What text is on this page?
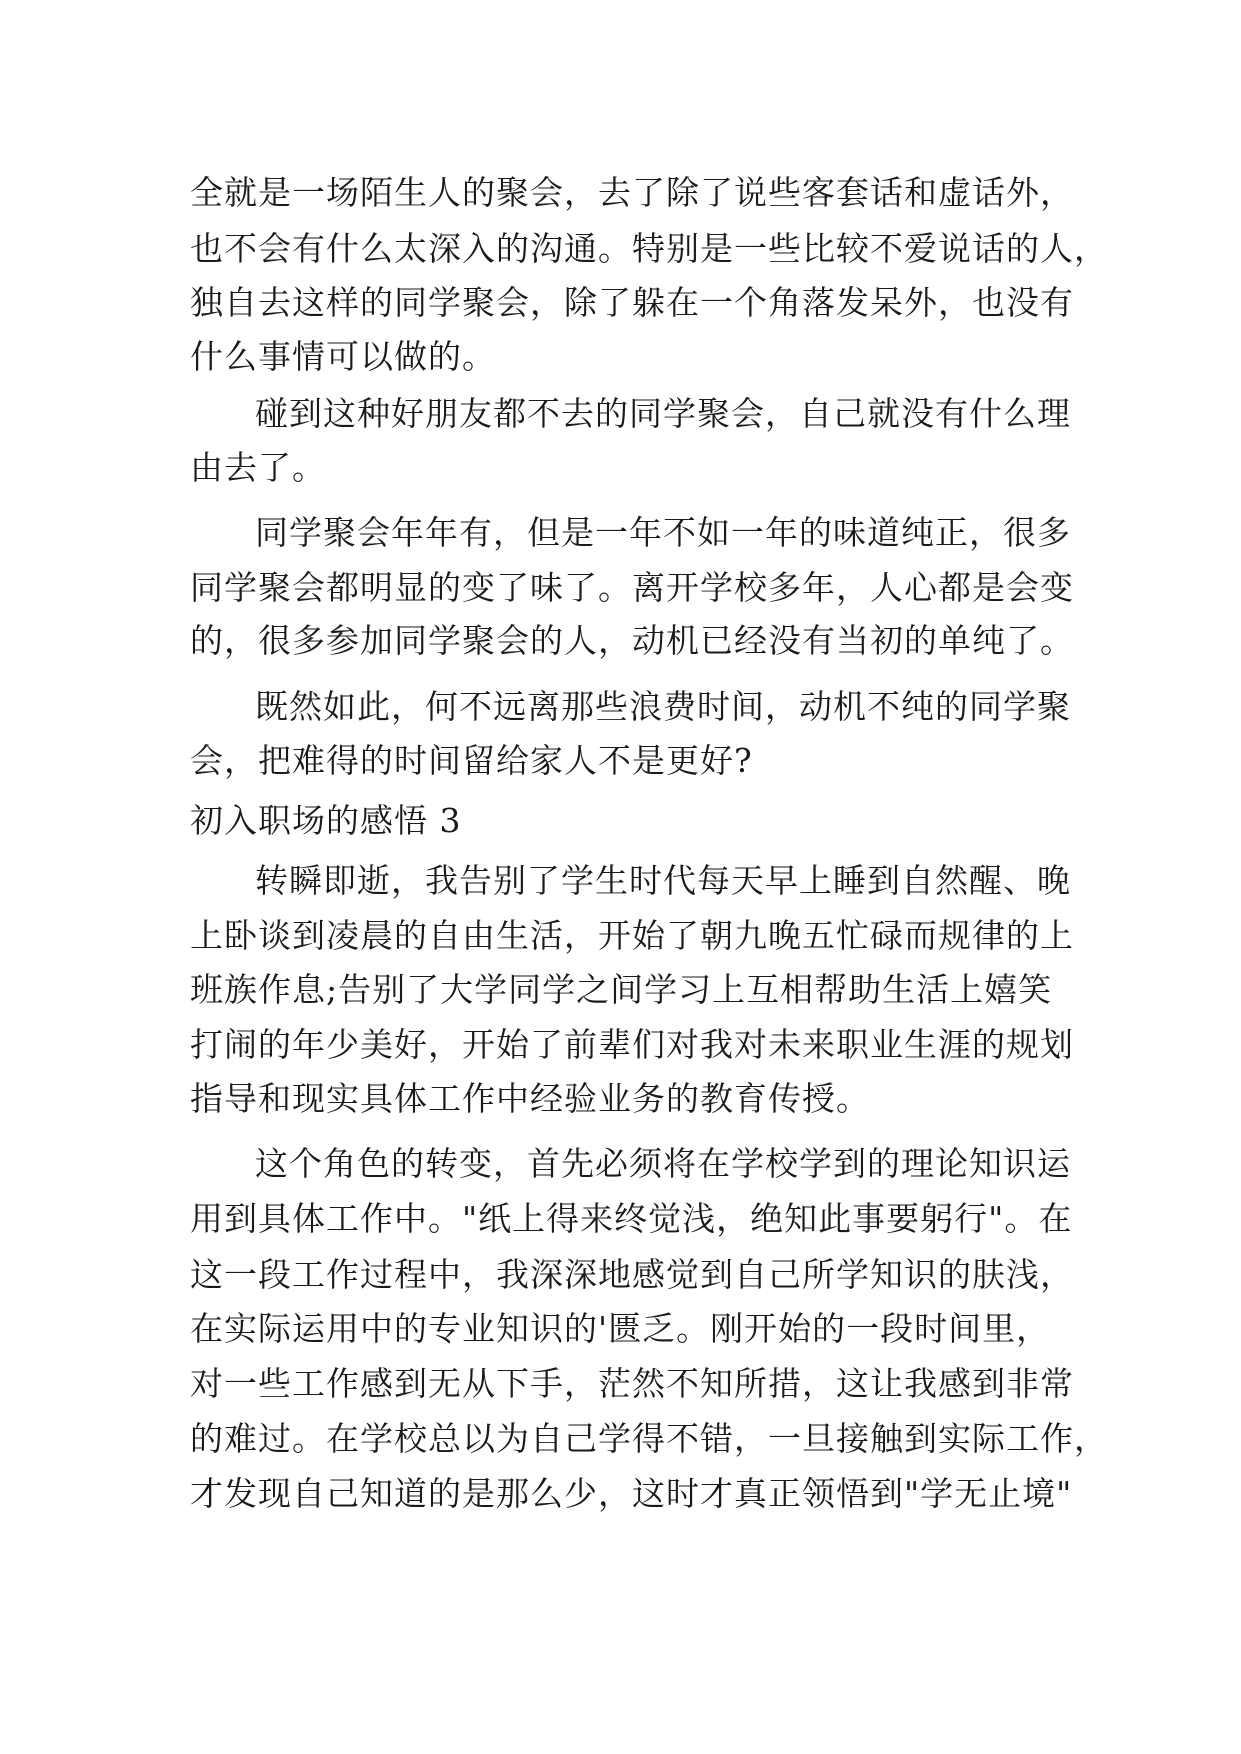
全就是一场陌生人的聚会，去了除了说些客套话和虚话外，
也不会有什么太深入的沟通。特别是一些比较不爱说话的人，
独自去这样的同学聚会，除了躲在一个角落发呆外，也没有
什么事情可以做的。
碰到这种好朋友都不去的同学聚会，自己就没有什么理
由去了。
同学聚会年年有，但是一年不如一年的味道纯正，很多
同学聚会都明显的变了味了。离开学校多年，人心都是会变
的，很多参加同学聚会的人，动机已经没有当初的单纯了。
既然如此，何不远离那些浪费时间，动机不纯的同学聚
会，把难得的时间留给家人不是更好?
初入职场的感悟 3
转瞬即逝，我告别了学生时代每天早上睡到自然醒、晚
上卧谈到凌晨的自由生活，开始了朝九晚五忙碌而规律的上
班族作息;告别了大学同学之间学习上互相帮助生活上嬉笑
打闹的年少美好，开始了前辈们对我对未来职业生涯的规划
指导和现实具体工作中经验业务的教育传授。
这个角色的转变，首先必须将在学校学到的理论知识运
用到具体工作中。"纸上得来终觉浅，绝知此事要躬行"。在
这一段工作过程中，我深深地感觉到自己所学知识的肤浅，
在实际运用中的专业知识的'匮乏。刚开始的一段时间里，
对一些工作感到无从下手，茫然不知所措，这让我感到非常
的难过。在学校总以为自己学得不错，一旦接触到实际工作，
才发现自己知道的是那么少，这时才真正领悟到"学无止境"
